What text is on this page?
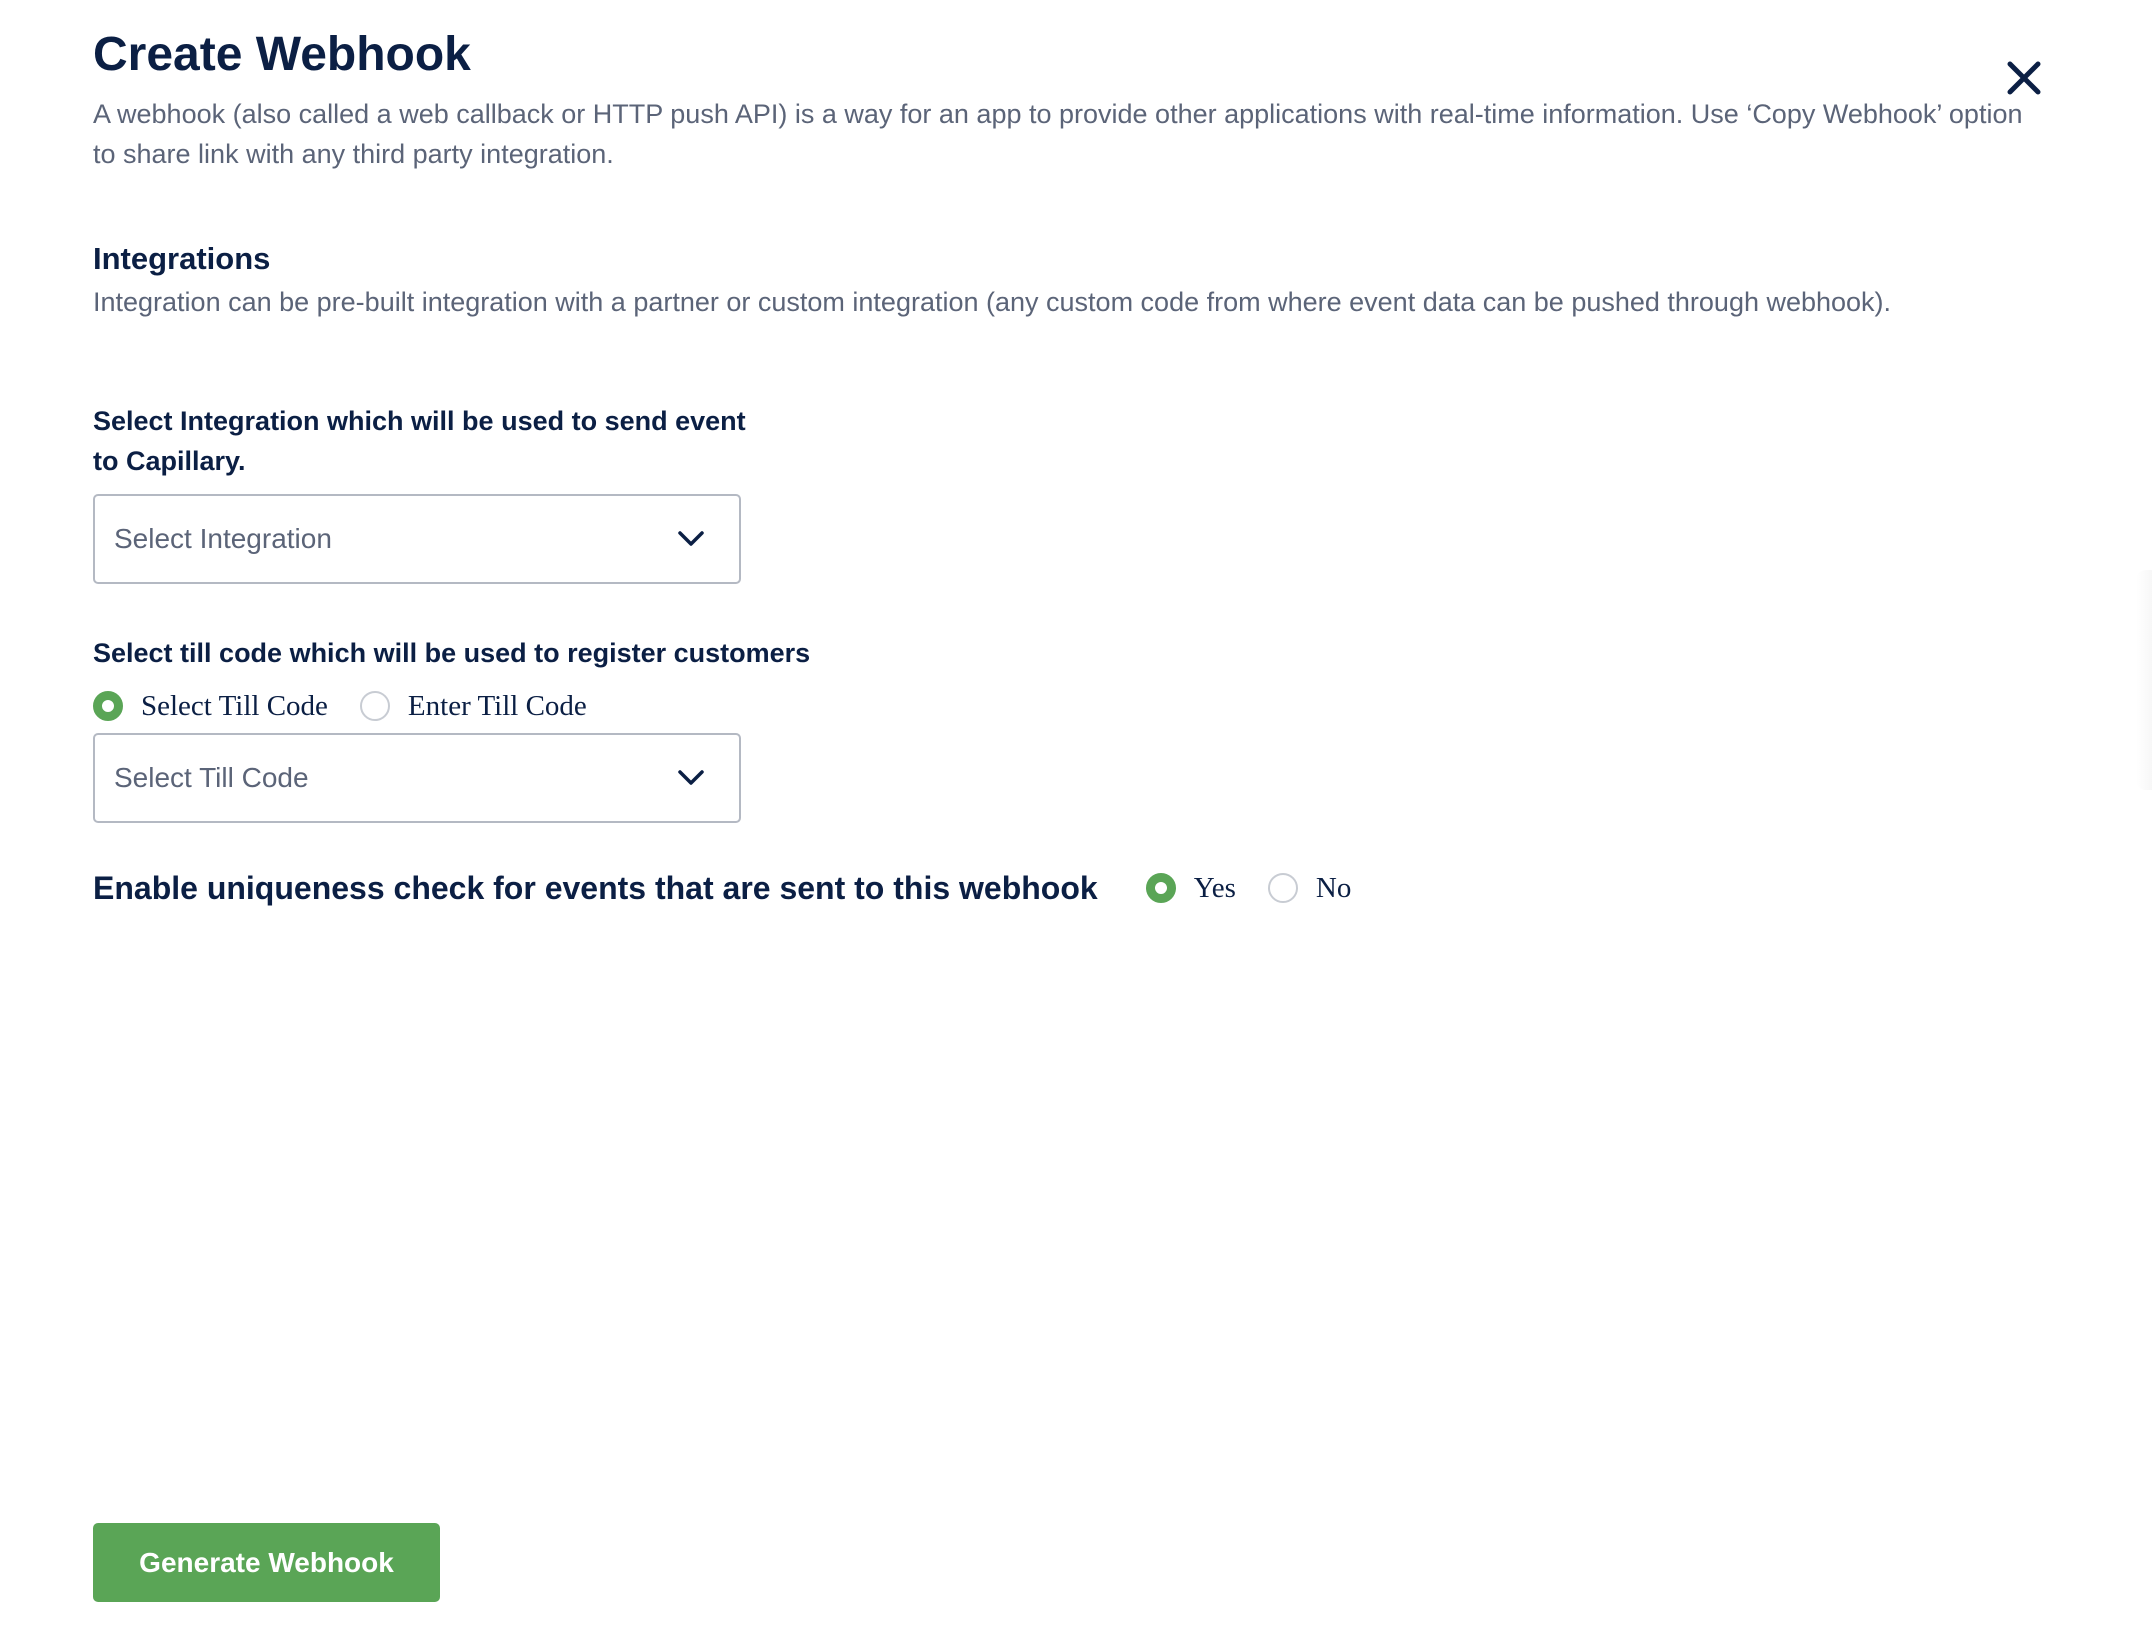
Create Webhook

A webhook (also called a web callback or HTTP push API) is a way for an app to provide other applications with real-time information. Use ‘Copy Webhook’ option to share link with any third party integration.

Integrations

Integration can be pre-built integration with a partner or custom integration (any custom code from where event data can be pushed through webhook).

Select Integration which will be used to send event to Capillary.

Select Integration

Select till code which will be used to register customers

Select Till Code	Enter Till Code
Select Till Code

Enable uniqueness check for events that are sent to this webhook	Yes	No
Generate Webhook
